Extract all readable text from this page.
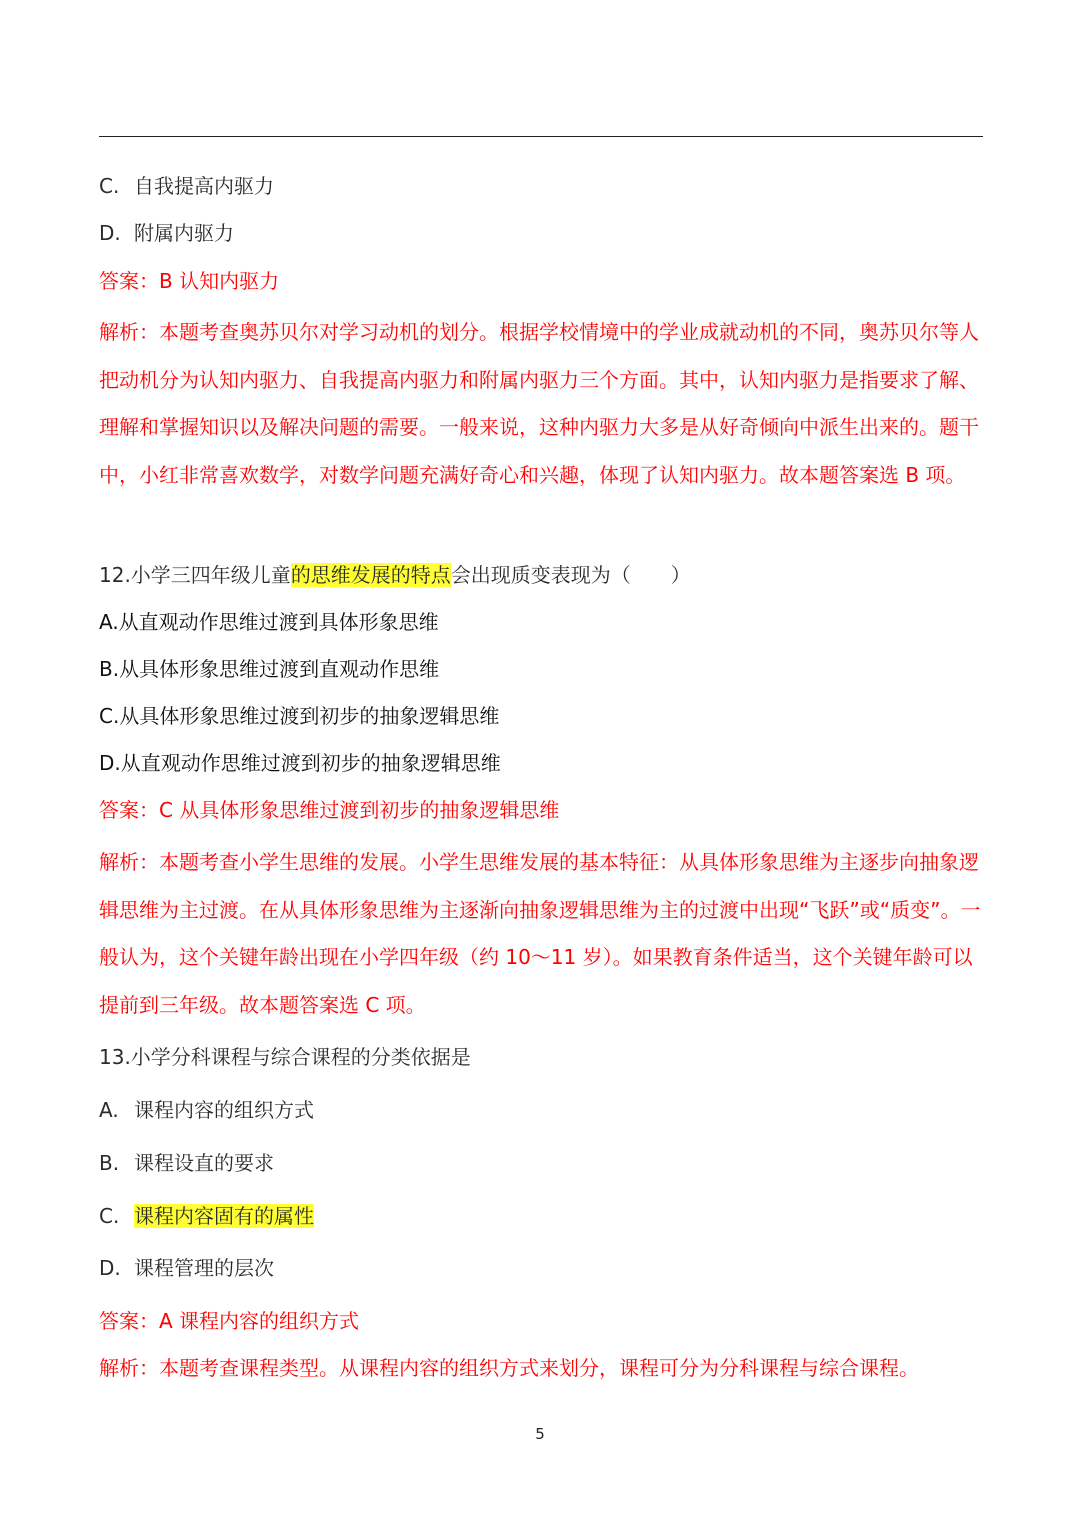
C. 自我提高内驱力
D. 附属内驱力
答案：B 认知内驱力
解析：本题考查奥苏贝尔对学习动机的划分。根据学校情境中的学业成就动机的不同，奥苏贝尔等人把动机分为认知内驱力、自我提高内驱力和附属内驱力三个方面。其中，认知内驱力是指要求了解、理解和掌握知识以及解决问题的需要。一般来说，这种内驱力大多是从好奇倾向中派生出来的。题干中，小红非常喜欢数学，对数学问题充满好奇心和兴趣，体现了认知内驱力。故本题答案选 B 项。
12.小学三四年级儿童的思维发展的特点会出现质变表现为（　　）
A.从直观动作思维过渡到具体形象思维
B.从具体形象思维过渡到直观动作思维
C.从具体形象思维过渡到初步的抽象逻辑思维
D.从直观动作思维过渡到初步的抽象逻辑思维
答案：C 从具体形象思维过渡到初步的抽象逻辑思维
解析：本题考查小学生思维的发展。小学生思维发展的基本特征：从具体形象思维为主逐步向抽象逻辑思维为主过渡。在从具体形象思维为主逐渐向抽象逻辑思维为主的过渡中出现“飞跃”或“质变”。一般认为，这个关键年龄出现在小学四年级（约 10～11 岁）。如果教育条件适当，这个关键年龄可以提前到三年级。故本题答案选 C 项。
13.小学分科课程与综合课程的分类依据是
A. 课程内容的组织方式
B. 课程设直的要求
C. 课程内容固有的属性
D. 课程管理的层次
答案：A 课程内容的组织方式
解析：本题考查课程类型。从课程内容的组织方式来划分，课程可分为分科课程与综合课程。
5
